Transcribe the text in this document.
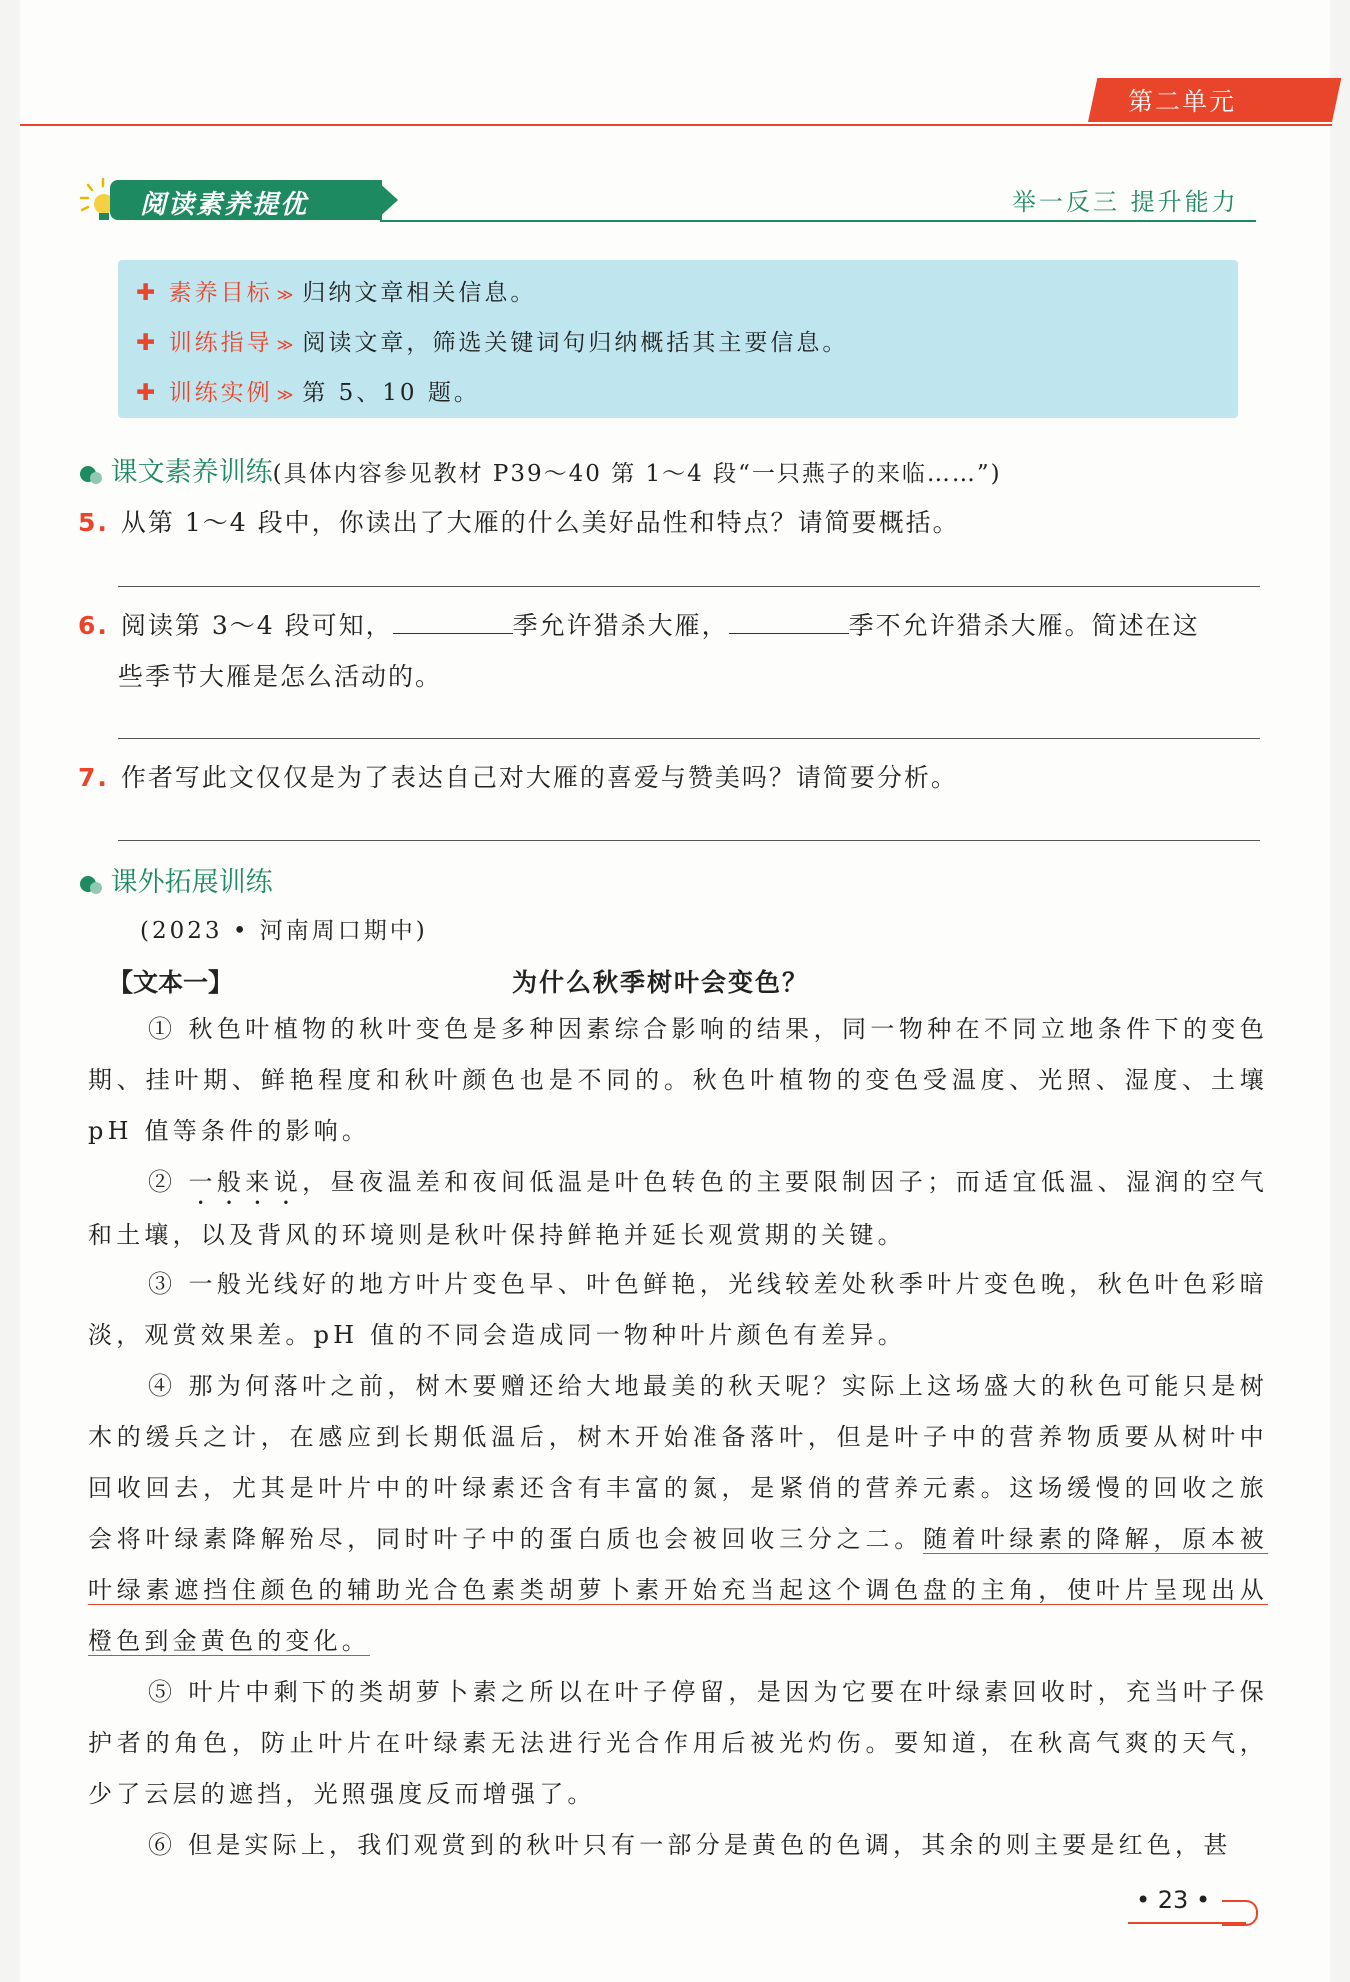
第二单元
阅读素养提优	举一反三 提升能力
✚ 素养目标 ≫ 归纳文章相关信息。
✚ 训练指导 ≫ 阅读文章，筛选关键词句归纳概括其主要信息。
✚ 训练实例 ≫ 第 5、10 题。
课文素养训练(具体内容参见教材 P39～40 第 1～4 段“一只燕子的来临……”)
5. 从第 1～4 段中，你读出了大雁的什么美好品性和特点？请简要概括。
6. 阅读第 3～4 段可知，	季允许猎杀大雁，	季不允许猎杀大雁。简述在这
些季节大雁是怎么活动的。
7. 作者写此文仅仅是为了表达自己对大雁的喜爱与赞美吗？请简要分析。
课外拓展训练
(2023 • 河南周口期中)
【文本一】	为什么秋季树叶会变色？
① 秋色叶植物的秋叶变色是多种因素综合影响的结果，同一物种在不同立地条件下的变色期、挂叶期、鲜艳程度和秋叶颜色也是不同的。秋色叶植物的变色受温度、光照、湿度、土壤 pH 值等条件的影响。
② 一般来说，昼夜温差和夜间低温是叶色转色的主要限制因子；而适宜低温、湿润的空气和土壤，以及背风的环境则是秋叶保持鲜艳并延长观赏期的关键。
③ 一般光线好的地方叶片变色早、叶色鲜艳，光线较差处秋季叶片变色晚，秋色叶色彩暗淡，观赏效果差。pH 值的不同会造成同一物种叶片颜色有差异。
④ 那为何落叶之前，树木要赠还给大地最美的秋天呢？实际上这场盛大的秋色可能只是树木的缓兵之计，在感应到长期低温后，树木开始准备落叶，但是叶子中的营养物质要从树叶中回收回去，尤其是叶片中的叶绿素还含有丰富的氮，是紧俏的营养元素。这场缓慢的回收之旅会将叶绿素降解殆尽，同时叶子中的蛋白质也会被回收三分之二。随着叶绿素的降解，原本被叶绿素遮挡住颜色的辅助光合色素类胡萝卜素开始充当起这个调色盘的主角，使叶片呈现出从橙色到金黄色的变化。
⑤ 叶片中剩下的类胡萝卜素之所以在叶子停留，是因为它要在叶绿素回收时，充当叶子保护者的角色，防止叶片在叶绿素无法进行光合作用后被光灼伤。要知道，在秋高气爽的天气，少了云层的遮挡，光照强度反而增强了。
⑥ 但是实际上，我们观赏到的秋叶只有一部分是黄色的色调，其余的则主要是红色，甚
• 23 •
